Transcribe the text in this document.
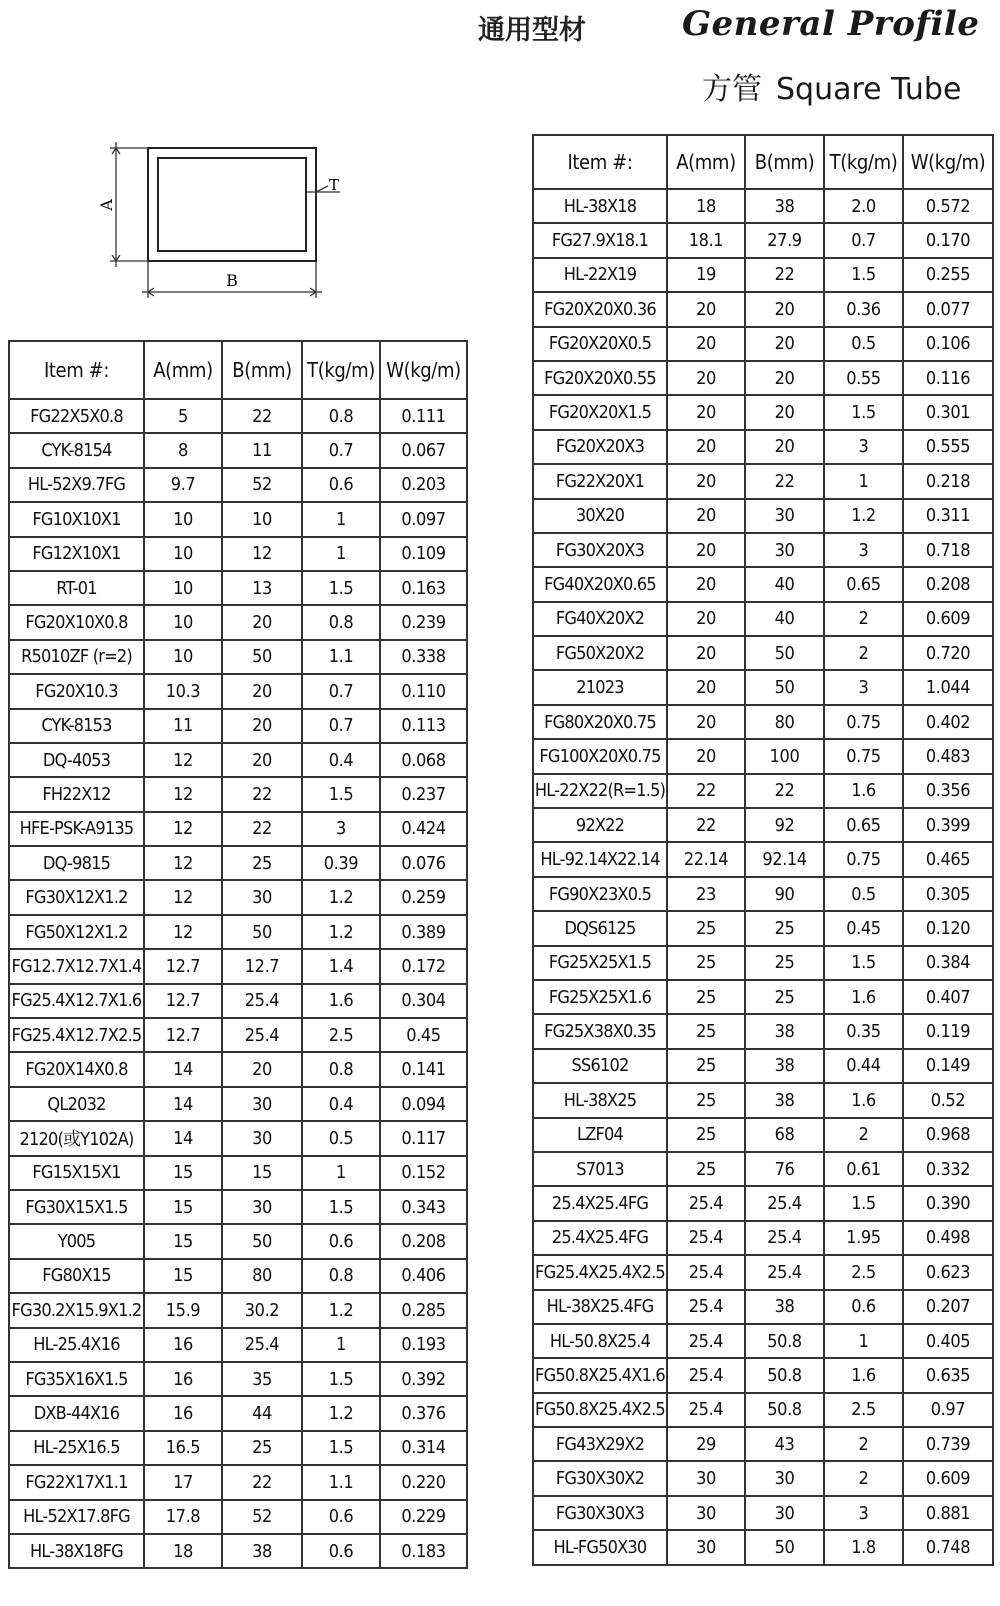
通用型材	General Profile
方管 Square Tube
A
B
T
Item #:	A(mm)	B(mm)	T(kg/m)	W(kg/m)
FG22X5X0.8	5	22	0.8	0.111
CYK-8154	8	11	0.7	0.067
HL-52X9.7FG	9.7	52	0.6	0.203
FG10X10X1	10	10	1	0.097
FG12X10X1	10	12	1	0.109
RT-01	10	13	1.5	0.163
FG20X10X0.8	10	20	0.8	0.239
R5010ZF (r=2)	10	50	1.1	0.338
FG20X10.3	10.3	20	0.7	0.110
CYK-8153	11	20	0.7	0.113
DQ-4053	12	20	0.4	0.068
FH22X12	12	22	1.5	0.237
HFE-PSK-A9135	12	22	3	0.424
DQ-9815	12	25	0.39	0.076
FG30X12X1.2	12	30	1.2	0.259
FG50X12X1.2	12	50	1.2	0.389
FG12.7X12.7X1.4	12.7	12.7	1.4	0.172
FG25.4X12.7X1.6	12.7	25.4	1.6	0.304
FG25.4X12.7X2.5	12.7	25.4	2.5	0.45
FG20X14X0.8	14	20	0.8	0.141
QL2032	14	30	0.4	0.094
2120(或Y102A)	14	30	0.5	0.117
FG15X15X1	15	15	1	0.152
FG30X15X1.5	15	30	1.5	0.343
Y005	15	50	0.6	0.208
FG80X15	15	80	0.8	0.406
FG30.2X15.9X1.2	15.9	30.2	1.2	0.285
HL-25.4X16	16	25.4	1	0.193
FG35X16X1.5	16	35	1.5	0.392
DXB-44X16	16	44	1.2	0.376
HL-25X16.5	16.5	25	1.5	0.314
FG22X17X1.1	17	22	1.1	0.220
HL-52X17.8FG	17.8	52	0.6	0.229
HL-38X18FG	18	38	0.6	0.183
Item #:	A(mm)	B(mm)	T(kg/m)	W(kg/m)
HL-38X18	18	38	2.0	0.572
FG27.9X18.1	18.1	27.9	0.7	0.170
HL-22X19	19	22	1.5	0.255
FG20X20X0.36	20	20	0.36	0.077
FG20X20X0.5	20	20	0.5	0.106
FG20X20X0.55	20	20	0.55	0.116
FG20X20X1.5	20	20	1.5	0.301
FG20X20X3	20	20	3	0.555
FG22X20X1	20	22	1	0.218
30X20	20	30	1.2	0.311
FG30X20X3	20	30	3	0.718
FG40X20X0.65	20	40	0.65	0.208
FG40X20X2	20	40	2	0.609
FG50X20X2	20	50	2	0.720
21023	20	50	3	1.044
FG80X20X0.75	20	80	0.75	0.402
FG100X20X0.75	20	100	0.75	0.483
HL-22X22(R=1.5)	22	22	1.6	0.356
92X22	22	92	0.65	0.399
HL-92.14X22.14	22.14	92.14	0.75	0.465
FG90X23X0.5	23	90	0.5	0.305
DQS6125	25	25	0.45	0.120
FG25X25X1.5	25	25	1.5	0.384
FG25X25X1.6	25	25	1.6	0.407
FG25X38X0.35	25	38	0.35	0.119
SS6102	25	38	0.44	0.149
HL-38X25	25	38	1.6	0.52
LZF04	25	68	2	0.968
S7013	25	76	0.61	0.332
25.4X25.4FG	25.4	25.4	1.5	0.390
25.4X25.4FG	25.4	25.4	1.95	0.498
FG25.4X25.4X2.5	25.4	25.4	2.5	0.623
HL-38X25.4FG	25.4	38	0.6	0.207
HL-50.8X25.4	25.4	50.8	1	0.405
FG50.8X25.4X1.6	25.4	50.8	1.6	0.635
FG50.8X25.4X2.5	25.4	50.8	2.5	0.97
FG43X29X2	29	43	2	0.739
FG30X30X2	30	30	2	0.609
FG30X30X3	30	30	3	0.881
HL-FG50X30	30	50	1.8	0.748
